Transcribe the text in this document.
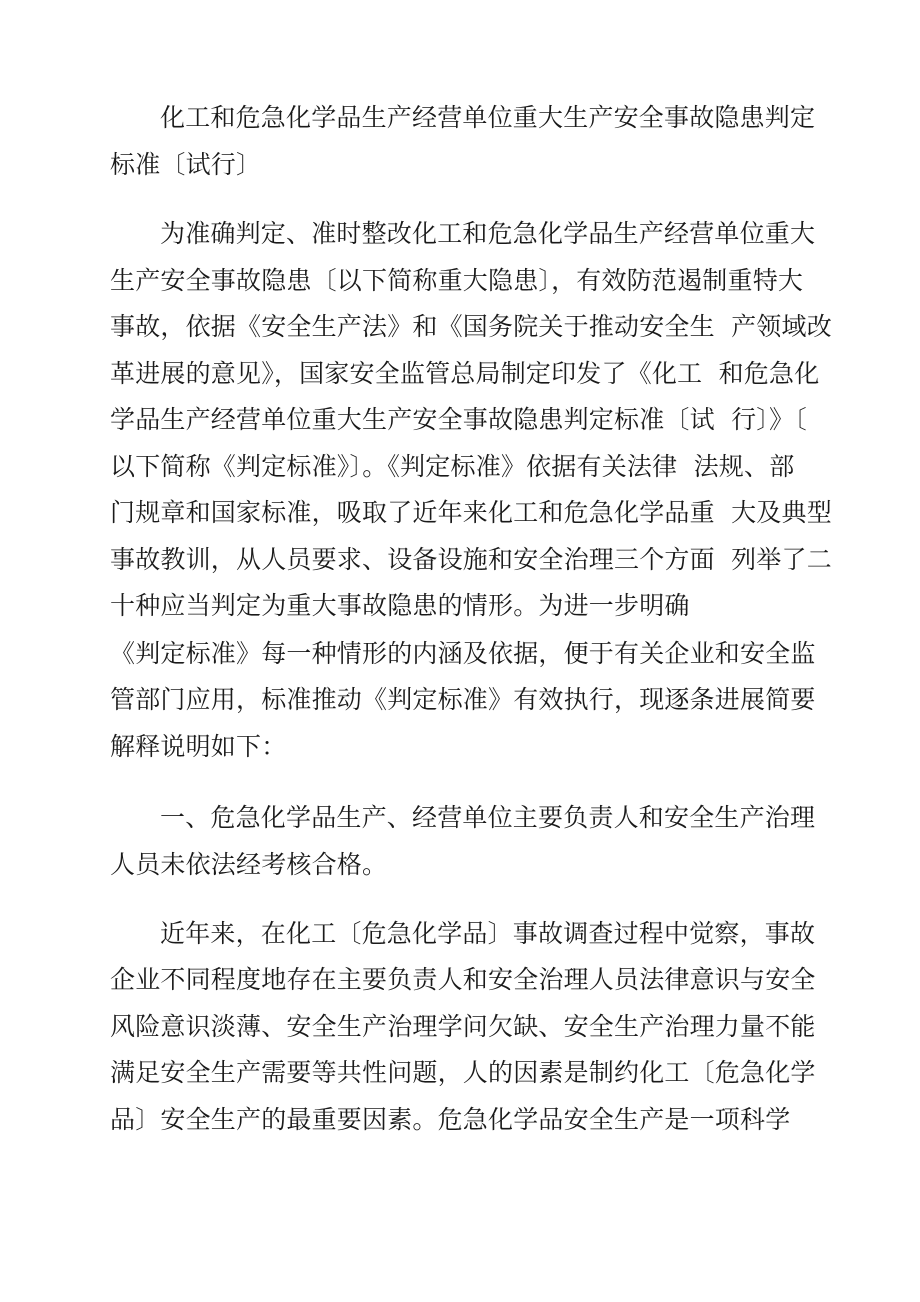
化工和危急化学品生产经营单位重大生产安全事故隐患判定
标准〔试行〕
为准确判定、准时整改化工和危急化学品生产经营单位重大
生产安全事故隐患〔以下简称重大隐患〕，有效防范遏制重特大
事故，依据《安全生产法》和《国务院关于推动安全生  产领域改
革进展的意见》，国家安全监管总局制定印发了《化工  和危急化
学品生产经营单位重大生产安全事故隐患判定标准〔试  行〕》〔
以下简称《判定标准》〕。《判定标准》依据有关法律  法规、部
门规章和国家标准，吸取了近年来化工和危急化学品重  大及典型
事故教训，从人员要求、设备设施和安全治理三个方面  列举了二
十种应当判定为重大事故隐患的情形。为进一步明确
《判定标准》每一种情形的内涵及依据，便于有关企业和安全监
管部门应用，标准推动《判定标准》有效执行，现逐条进展简要
解释说明如下：
一、危急化学品生产、经营单位主要负责人和安全生产治理
人员未依法经考核合格。
近年来，在化工〔危急化学品〕事故调查过程中觉察，事故
企业不同程度地存在主要负责人和安全治理人员法律意识与安全
风险意识淡薄、安全生产治理学问欠缺、安全生产治理力量不能
满足安全生产需要等共性问题，人的因素是制约化工〔危急化学
品〕安全生产的最重要因素。危急化学品安全生产是一项科学
